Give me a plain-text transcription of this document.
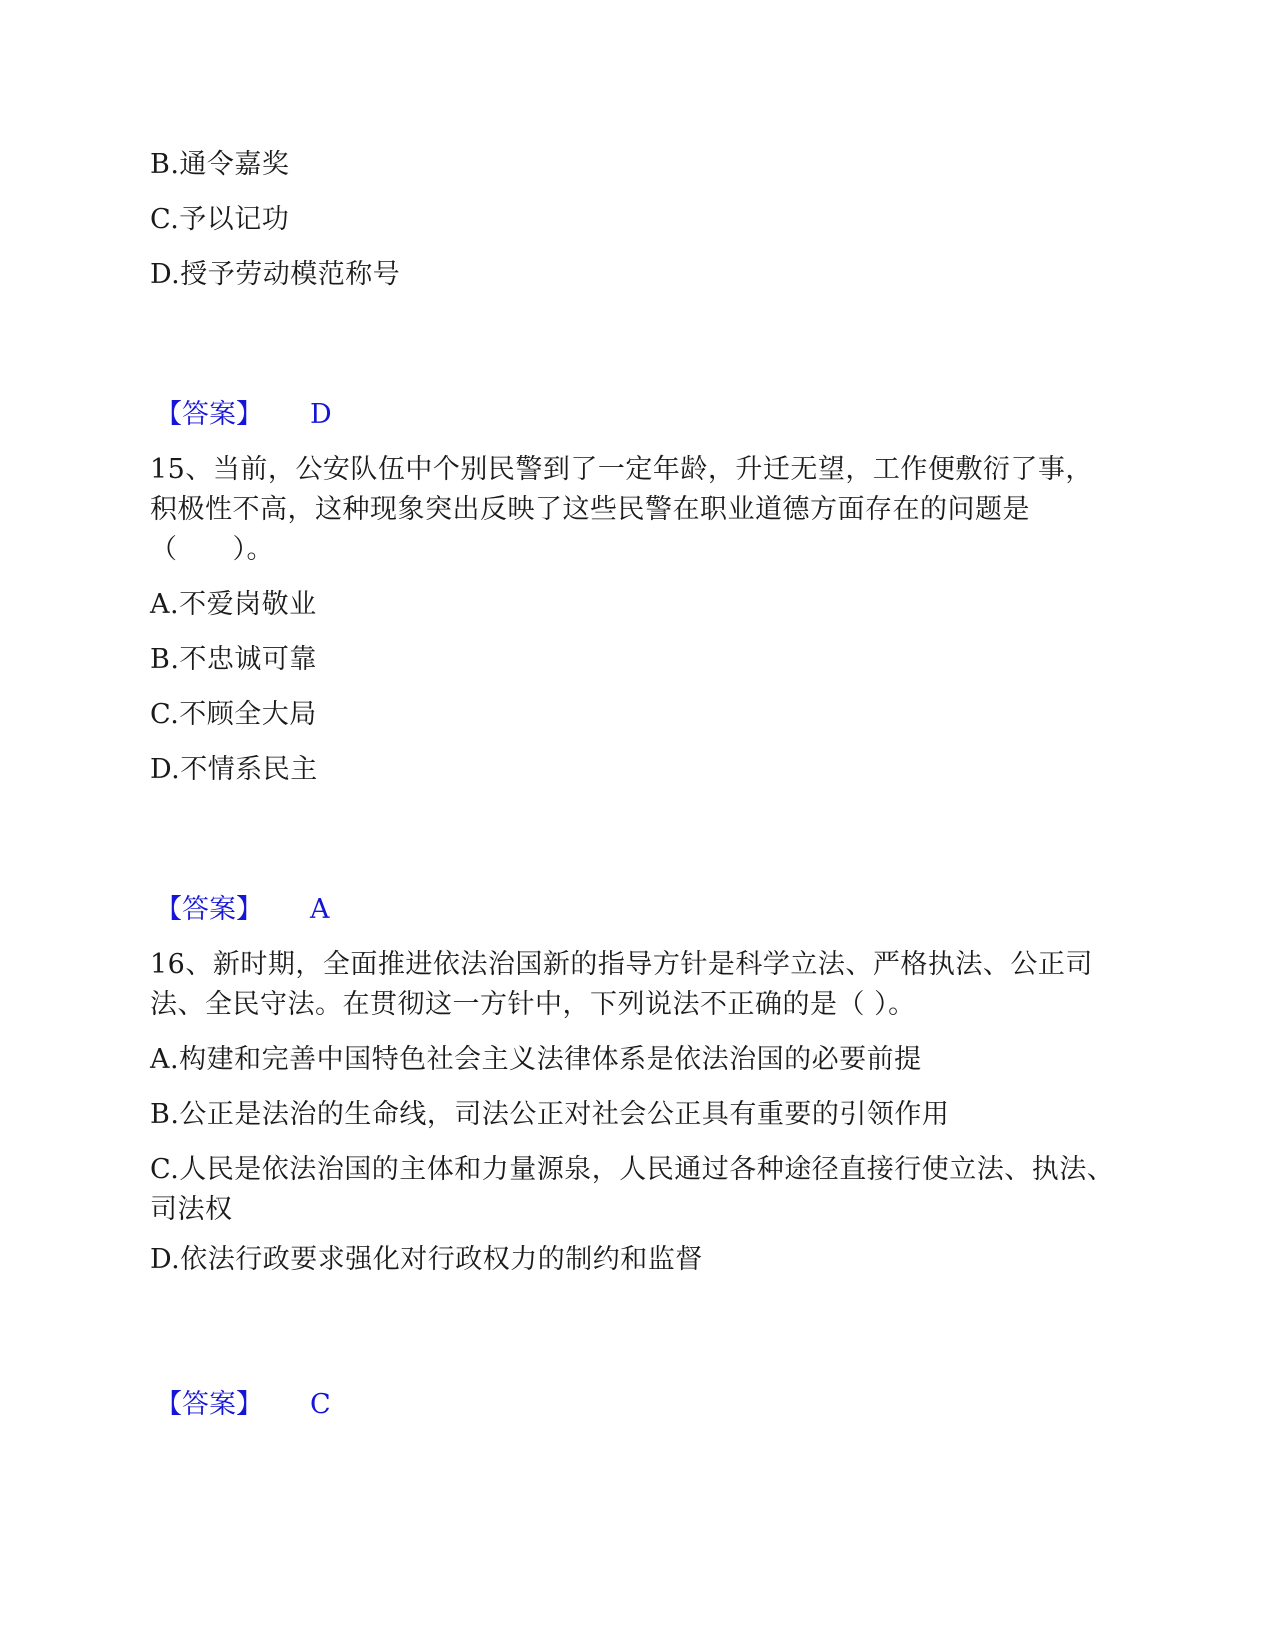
B.通令嘉奖
C.予以记功
D.授予劳动模范称号
【答案】 D
15、当前，公安队伍中个别民警到了一定年龄，升迁无望，工作便敷衍了事，积极性不高，这种现象突出反映了这些民警在职业道德方面存在的问题是（　　）。
A.不爱岗敬业
B.不忠诚可靠
C.不顾全大局
D.不情系民主
【答案】 A
16、新时期，全面推进依法治国新的指导方针是科学立法、严格执法、公正司法、全民守法。在贯彻这一方针中，下列说法不正确的是（ ）。
A.构建和完善中国特色社会主义法律体系是依法治国的必要前提
B.公正是法治的生命线，司法公正对社会公正具有重要的引领作用
C.人民是依法治国的主体和力量源泉，人民通过各种途径直接行使立法、执法、司法权
D.依法行政要求强化对行政权力的制约和监督
【答案】 C
